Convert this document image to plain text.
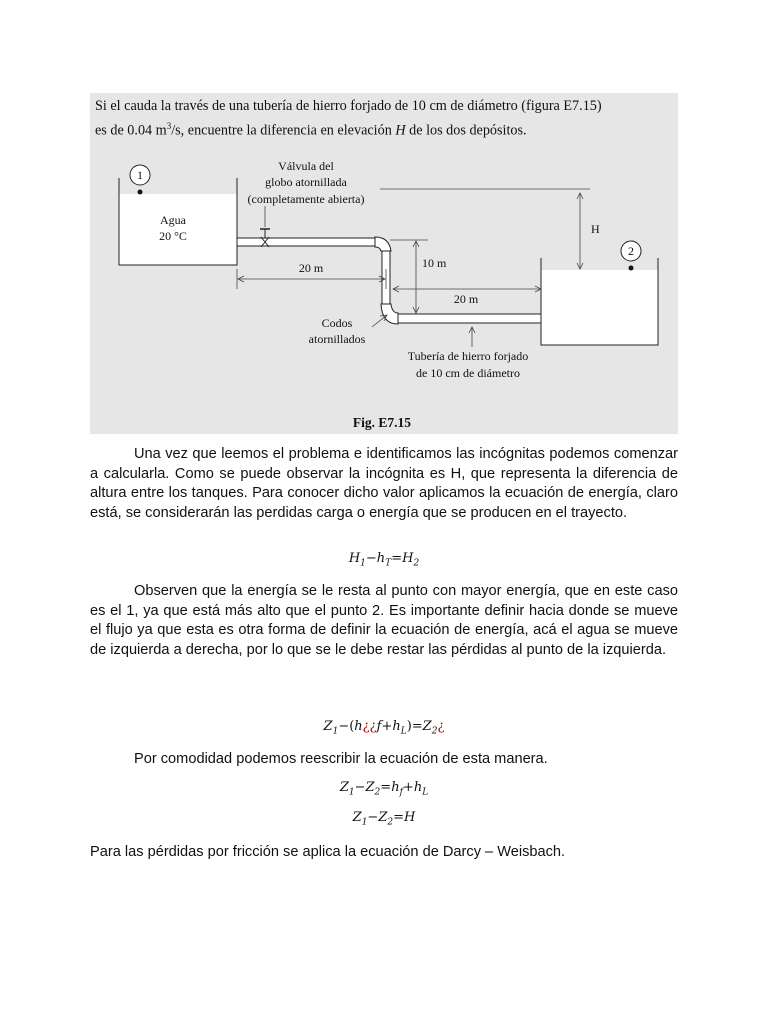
Si el cauda la través de una tubería de hierro forjado de 10 cm de diámetro (figura E7.15)
es de 0.04 $m^3/s$, encuentre la diferencia en elevación H de los dos depósitos.
1
2
Agua
20 °C
Válvula del
globo atornillada
(completamente abierta)
H
20 m	10 m
20 m
Codos
atornillados
Tubería de hierro forjado
de 10 cm de diámetro
Fig. E7.15
Una vez que leemos el problema e identificamos las incógnitas podemos comenzar a calcularla. Como se puede observar la incógnita es H, que representa la diferencia de altura entre los tanques. Para conocer dicho valor aplicamos la ecuación de energía, claro está, se considerarán las perdidas carga o energía que se producen en el trayecto.
$H_1-h_T=H_2$
Observen que la energía se le resta al punto con mayor energía, que en este caso es el 1, ya que está más alto que el punto 2. Es importante definir hacia donde se mueve el flujo ya que esta es otra forma de definir la ecuación de energía, acá el agua se mueve de izquierda a derecha, por lo que se le debe restar las pérdidas al punto de la izquierda.
$Z_1-(h¿¿f+h_L)=Z_2¿$
Por comodidad podemos reescribir la ecuación de esta manera.
$Z_1-Z_2=h_f+h_L$
$Z_1-Z_2=H$
Para las pérdidas por fricción se aplica la ecuación de Darcy – Weisbach.
